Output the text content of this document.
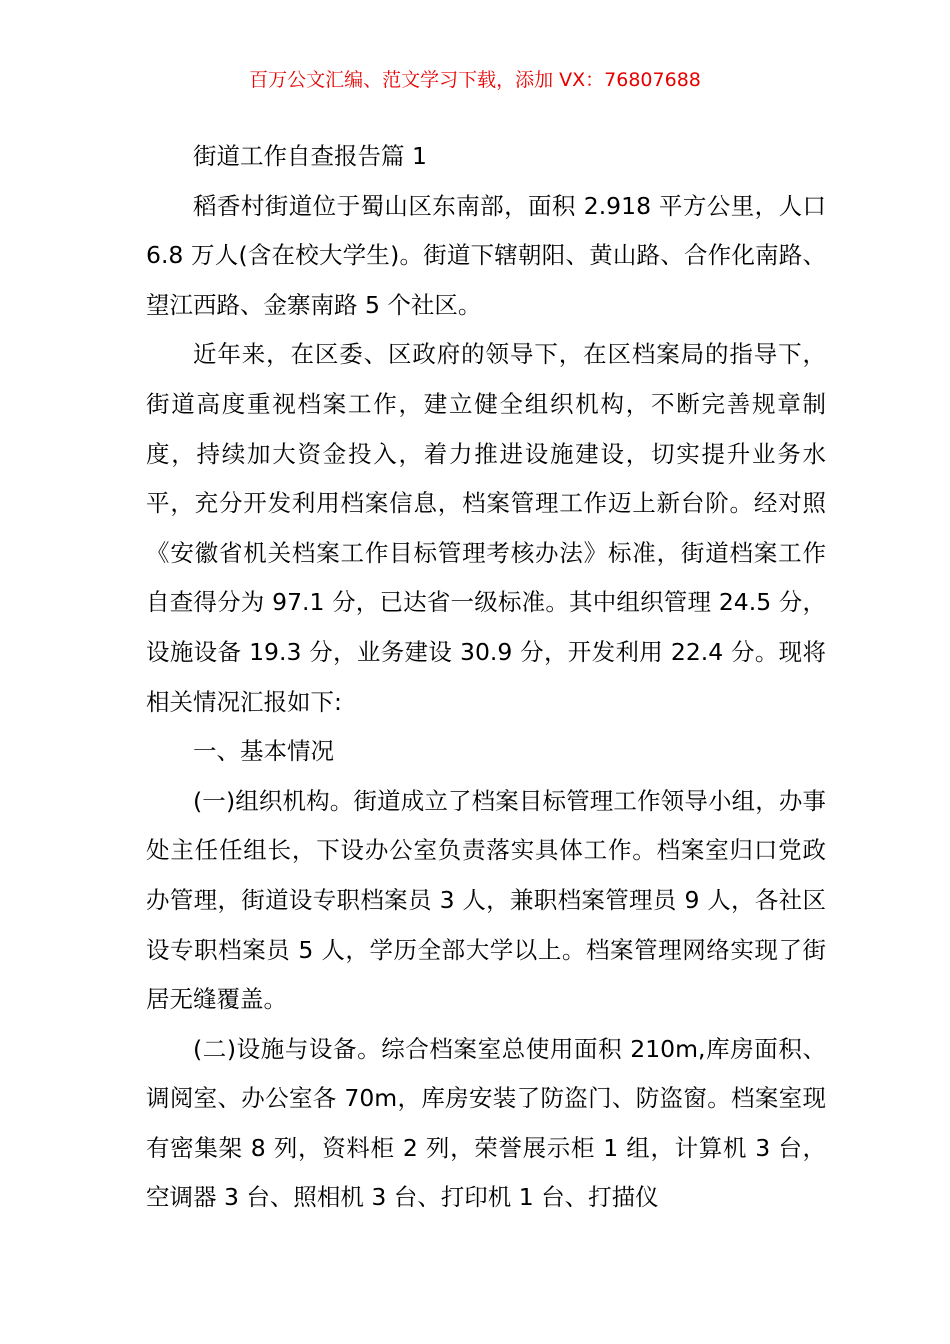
百万公文汇编、范文学习下载，添加 VX：76807688

街道工作自查报告篇 1

稻香村街道位于蜀山区东南部，面积 2.918 平方公里，人口 6.8 万人(含在校大学生)。街道下辖朝阳、黄山路、合作化南路、望江西路、金寨南路 5 个社区。

近年来，在区委、区政府的领导下，在区档案局的指导下，街道高度重视档案工作，建立健全组织机构，不断完善规章制度，持续加大资金投入，着力推进设施建设，切实提升业务水平，充分开发利用档案信息，档案管理工作迈上新台阶。经对照《安徽省机关档案工作目标管理考核办法》标准，街道档案工作自查得分为 97.1 分，已达省一级标准。其中组织管理 24.5 分，设施设备 19.3 分，业务建设 30.9 分，开发利用 22.4 分。现将相关情况汇报如下:

一、基本情况

(一)组织机构。街道成立了档案目标管理工作领导小组，办事处主任任组长，下设办公室负责落实具体工作。档案室归口党政办管理，街道设专职档案员 3 人，兼职档案管理员 9 人，各社区设专职档案员 5 人，学历全部大学以上。档案管理网络实现了街居无缝覆盖。

(二)设施与设备。综合档案室总使用面积 210m,库房面积、调阅室、办公室各 70m，库房安装了防盗门、防盗窗。档案室现有密集架 8 列，资料柜 2 列，荣誉展示柜 1 组，计算机 3 台，空调器 3 台、照相机 3 台、打印机 1 台、打描仪
